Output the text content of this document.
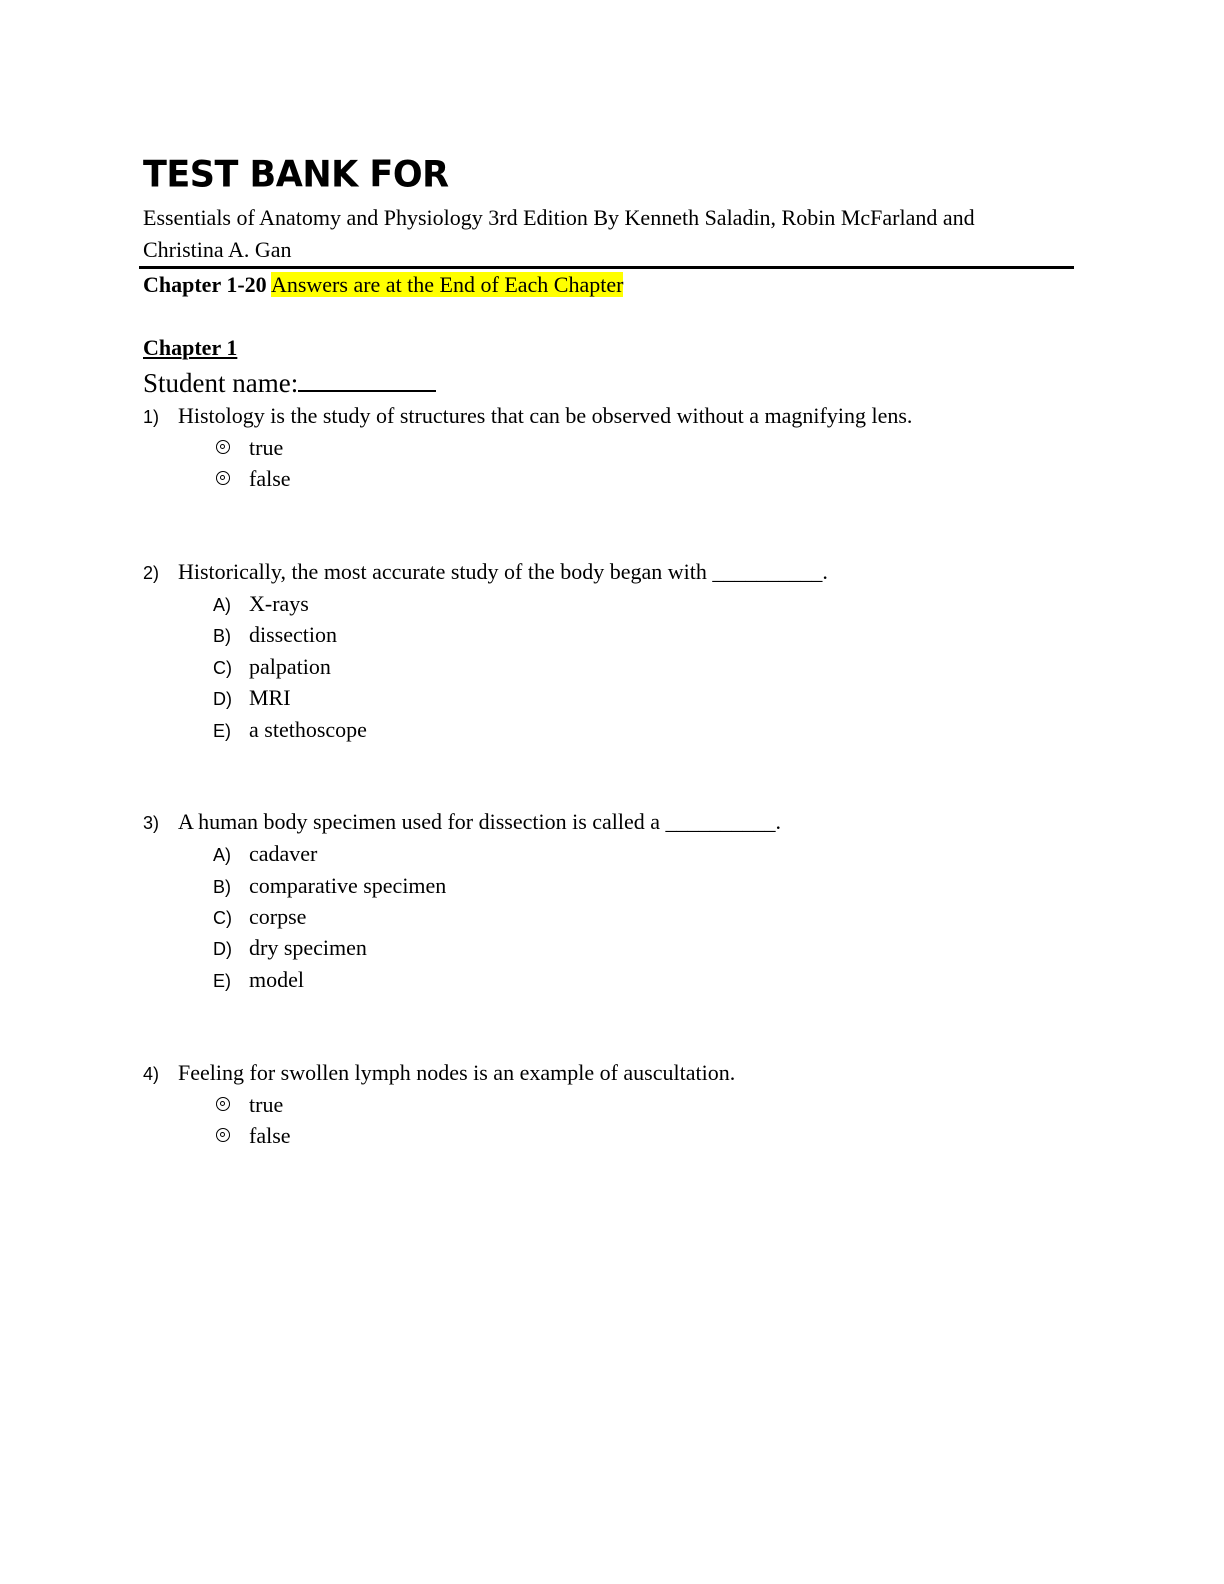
TEST BANK FOR
Essentials of Anatomy and Physiology 3rd Edition By Kenneth Saladin, Robin McFarland and Christina A. Gan
Chapter 1-20 Answers are at the End of Each Chapter
Chapter 1
Student name:
1) Histology is the study of structures that can be observed without a magnifying lens.
true
false
2) Historically, the most accurate study of the body began with __________.
A) X-rays
B) dissection
C) palpation
D) MRI
E) a stethoscope
3) A human body specimen used for dissection is called a __________.
A) cadaver
B) comparative specimen
C) corpse
D) dry specimen
E) model
4) Feeling for swollen lymph nodes is an example of auscultation.
true
false
